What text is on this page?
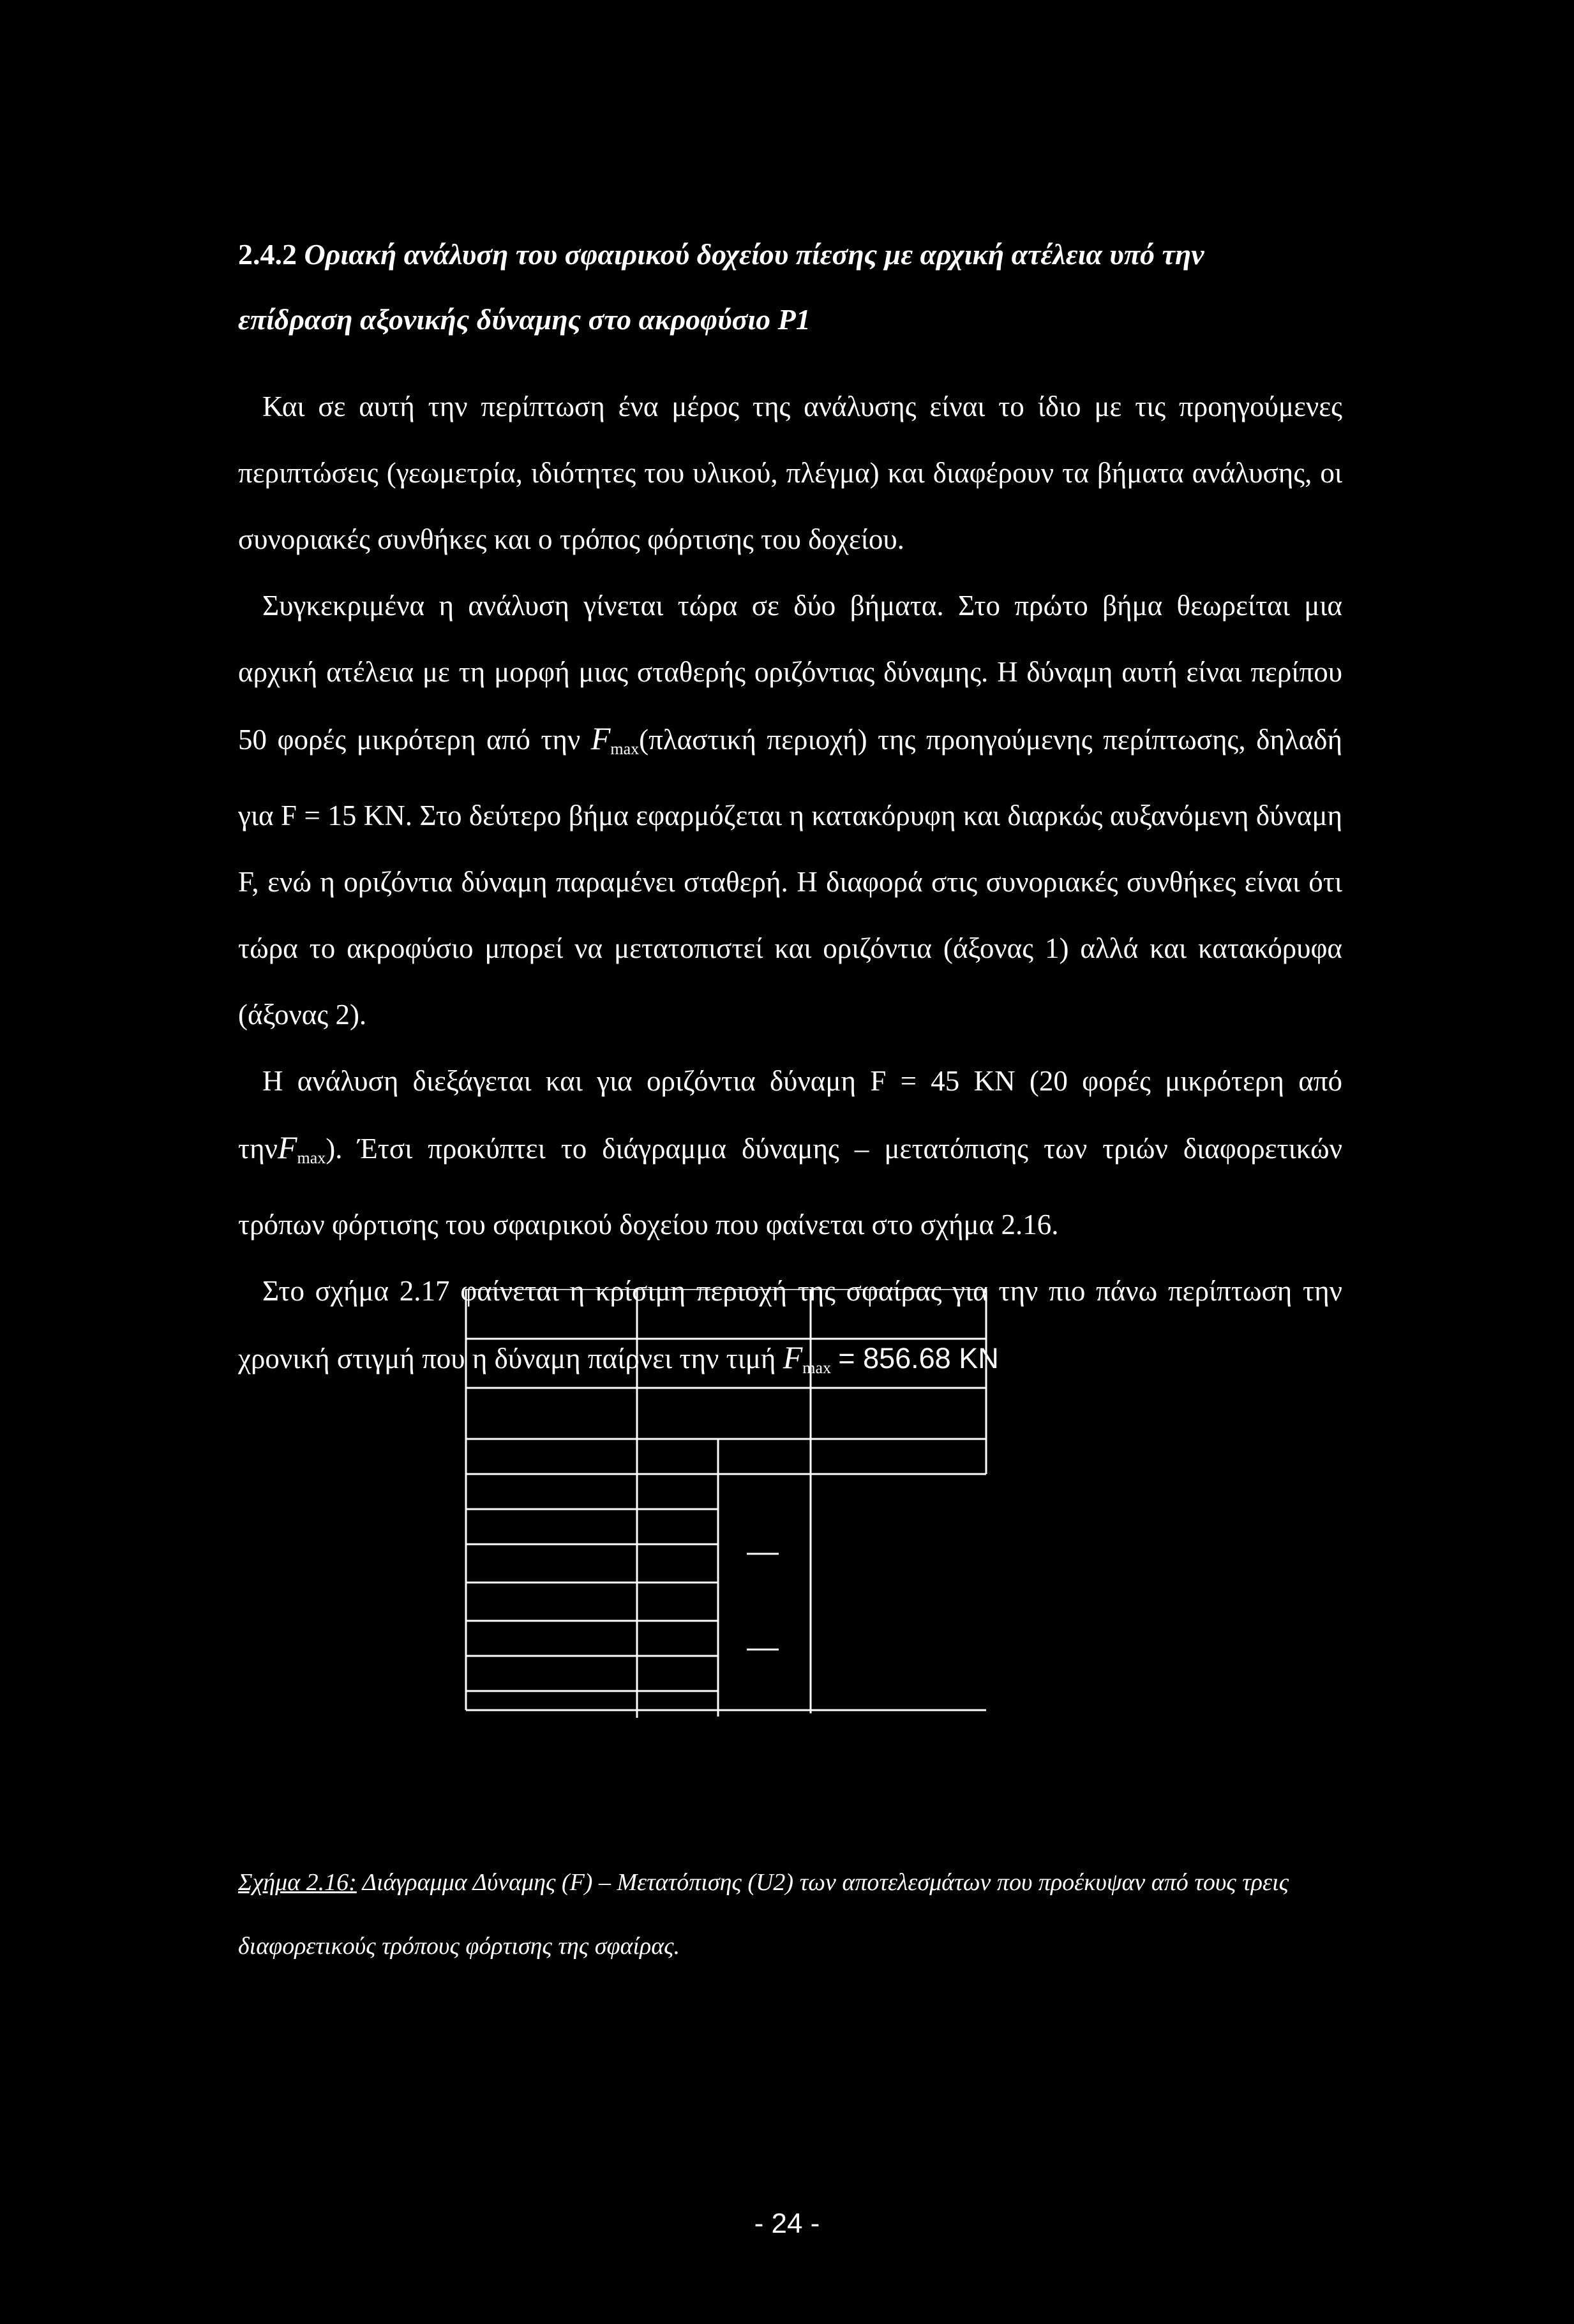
2.4.2 Οριακή ανάλυση του σφαιρικού δοχείου πίεσης με αρχική ατέλεια υπό την
επίδραση αξονικής δύναμης στο ακροφύσιο P1

Και σε αυτή την περίπτωση ένα μέρος της ανάλυσης είναι το ίδιο με τις προηγούμενες περιπτώσεις (γεωμετρία, ιδιότητες του υλικού, πλέγμα) και διαφέρουν τα βήματα ανάλυσης, οι συνοριακές συνθήκες και ο τρόπος φόρτισης του δοχείου.

Συγκεκριμένα η ανάλυση γίνεται τώρα σε δύο βήματα. Στο πρώτο βήμα θεωρείται μια αρχική ατέλεια με τη μορφή μιας σταθερής οριζόντιας δύναμης. Η δύναμη αυτή είναι περίπου 50 φορές μικρότερη από την $F_{max}(\pi\lambda\alpha\sigma\tau\iota\kappa ή$ περιοχή) της προηγούμενης περίπτωσης, δηλαδή για F = 15 KN. Στο δεύτερο βήμα εφαρμόζεται η κατακόρυφη και διαρκώς αυξανόμενη δύναμη F, ενώ η οριζόντια δύναμη παραμένει σταθερή. Η διαφορά στις συνοριακές συνθήκες είναι ότι τώρα το ακροφύσιο μπορεί να μετατοπιστεί και οριζόντια (άξονας 1) αλλά και κατακόρυφα (άξονας 2).

Η ανάλυση διεξάγεται και για οριζόντια δύναμη F = 45 KN (20 φορές μικρότερη από τηνF$_{max}$). Έτσι προκύπτει το διάγραμμα δύναμης – μετατόπισης των τριών διαφορετικών τρόπων φόρτισης του σφαιρικού δοχείου που φαίνεται στο σχήμα 2.16.

Στο σχήμα 2.17 φαίνεται η κρίσιμη περιοχή της σφαίρας για την πιο πάνω περίπτωση την χρονική στιγμή που η δύναμη παίρνει την τιμή $F_{max} = 856.68$ KN

Σχήμα 2.16: Διάγραμμα Δύναμης (F) – Μετατόπισης (U2) των αποτελεσμάτων που προέκυψαν από τους τρεις διαφορετικούς τρόπους φόρτισης της σφαίρας.
- 24 -
